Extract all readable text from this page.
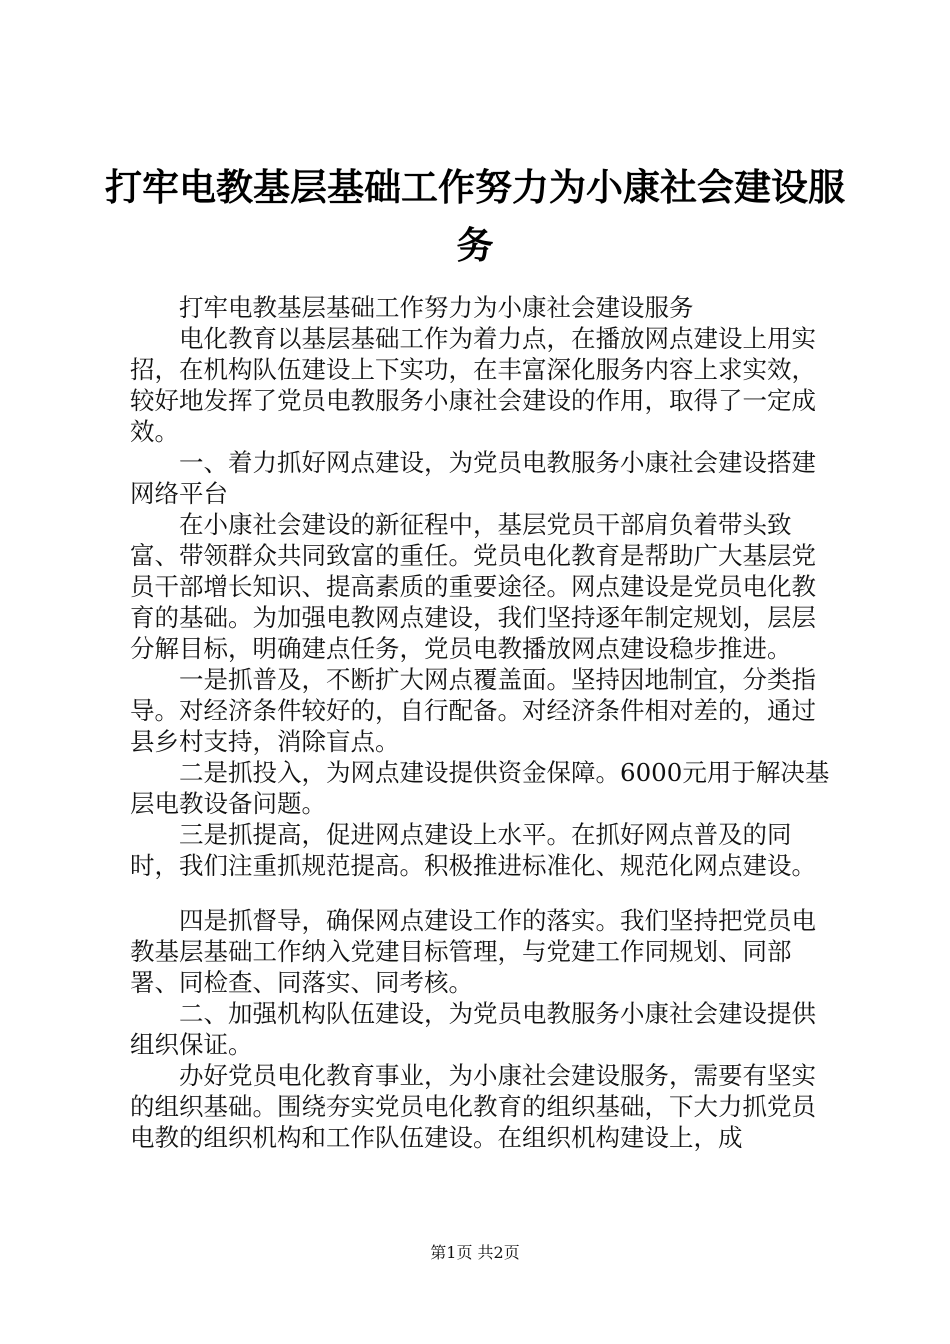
打牢电教基层基础工作努力为小康社会建设服务

打牢电教基层基础工作努力为小康社会建设服务

电化教育以基层基础工作为着力点，在播放网点建设上用实招，在机构队伍建设上下实功，在丰富深化服务内容上求实效，较好地发挥了党员电教服务小康社会建设的作用，取得了一定成效。

一、着力抓好网点建设，为党员电教服务小康社会建设搭建网络平台

在小康社会建设的新征程中，基层党员干部肩负着带头致富、带领群众共同致富的重任。党员电化教育是帮助广大基层党员干部增长知识、提高素质的重要途径。网点建设是党员电化教育的基础。为加强电教网点建设，我们坚持逐年制定规划，层层分解目标，明确建点任务，党员电教播放网点建设稳步推进。

一是抓普及，不断扩大网点覆盖面。坚持因地制宜，分类指导。对经济条件较好的，自行配备。对经济条件相对差的，通过县乡村支持，消除盲点。

二是抓投入，为网点建设提供资金保障。6000元用于解决基层电教设备问题。

三是抓提高，促进网点建设上水平。在抓好网点普及的同时，我们注重抓规范提高。积极推进标准化、规范化网点建设。

四是抓督导，确保网点建设工作的落实。我们坚持把党员电教基层基础工作纳入党建目标管理，与党建工作同规划、同部署、同检查、同落实、同考核。

二、加强机构队伍建设，为党员电教服务小康社会建设提供组织保证。

办好党员电化教育事业，为小康社会建设服务，需要有坚实的组织基础。围绕夯实党员电化教育的组织基础，下大力抓党员电教的组织机构和工作队伍建设。在组织机构建设上，成

第1页 共2页
